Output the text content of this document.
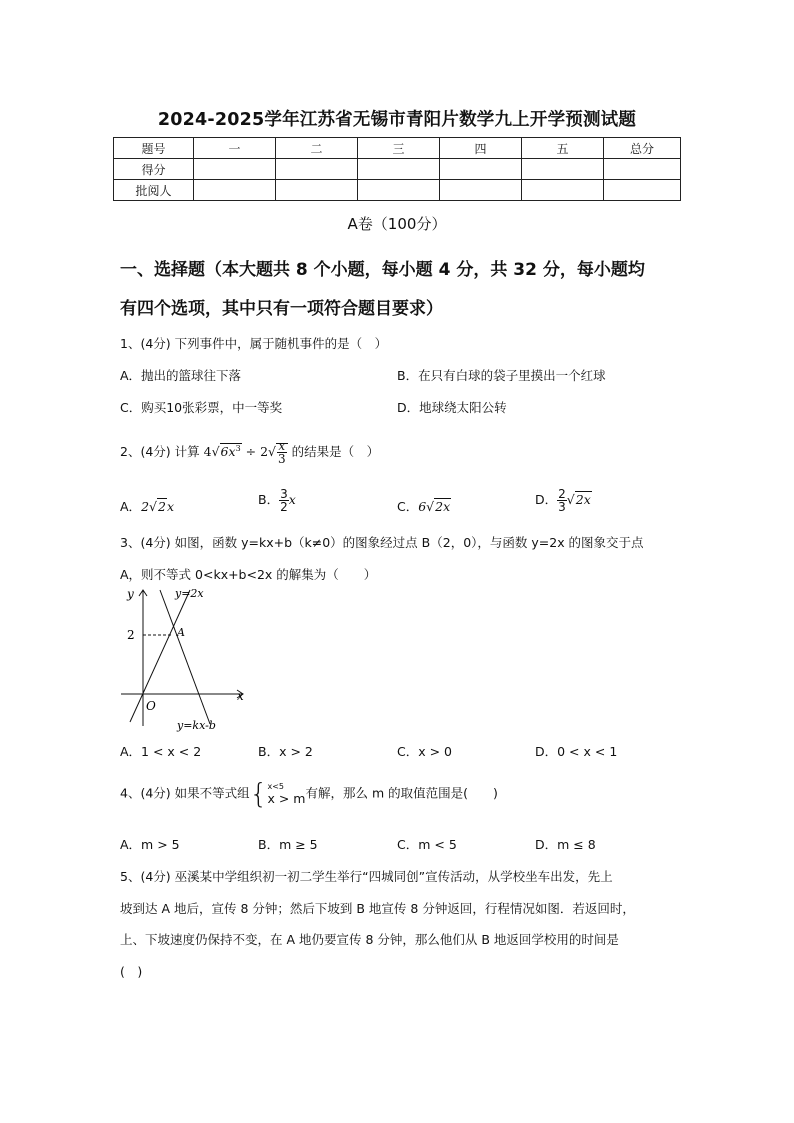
2024-2025学年江苏省无锡市青阳片数学九上开学预测试题
题号	一	二	三	四	五	总分
得分						
批阅人						
A卷（100分）
一、选择题（本大题共 8 个小题，每小题 4 分，共 32 分，每小题均
有四个选项，其中只有一项符合题目要求）
1、(4分) 下列事件中，属于随机事件的是（　）
A．抛出的篮球往下落	B．在只有白球的袋子里摸出一个红球
C．购买10张彩票，中一等奖	D．地球绕太阳公转
2、(4分) 计算 $4√6x^3 \div 2√ \frac{x}{3}$ 的结果是（　）
A．2√2x	B． $\frac{3}{2}$ x	C．6√2x	D． $\frac{2}{3} √2x$
3、(4分) 如图，函数 y=kx+b（k≠0）的图象经过点 B（2，0），与函数 y=2x 的图象交于点
A，则不等式 0<kx+b<2x 的解集为（　　）
y
x
O
y=2x
y=kx-b
A
2
A．1 < x < 2	B．x > 2	C．x > 0	D．0 < x < 1
4、(4分) 如果不等式组{ x<5
x > m 有解，那么 m 的取值范围是(　　)
A．m > 5	B．m ≥ 5	C．m < 5	D．m ≤ 8
5、(4分) 巫溪某中学组织初一初二学生举行“四城同创”宣传活动，从学校坐车出发，先上
坡到达 A 地后，宣传 8 分钟；然后下坡到 B 地宣传 8 分钟返回，行程情况如图．若返回时，
上、下坡速度仍保持不变，在 A 地仍要宣传 8 分钟，那么他们从 B 地返回学校用的时间是
(　)
